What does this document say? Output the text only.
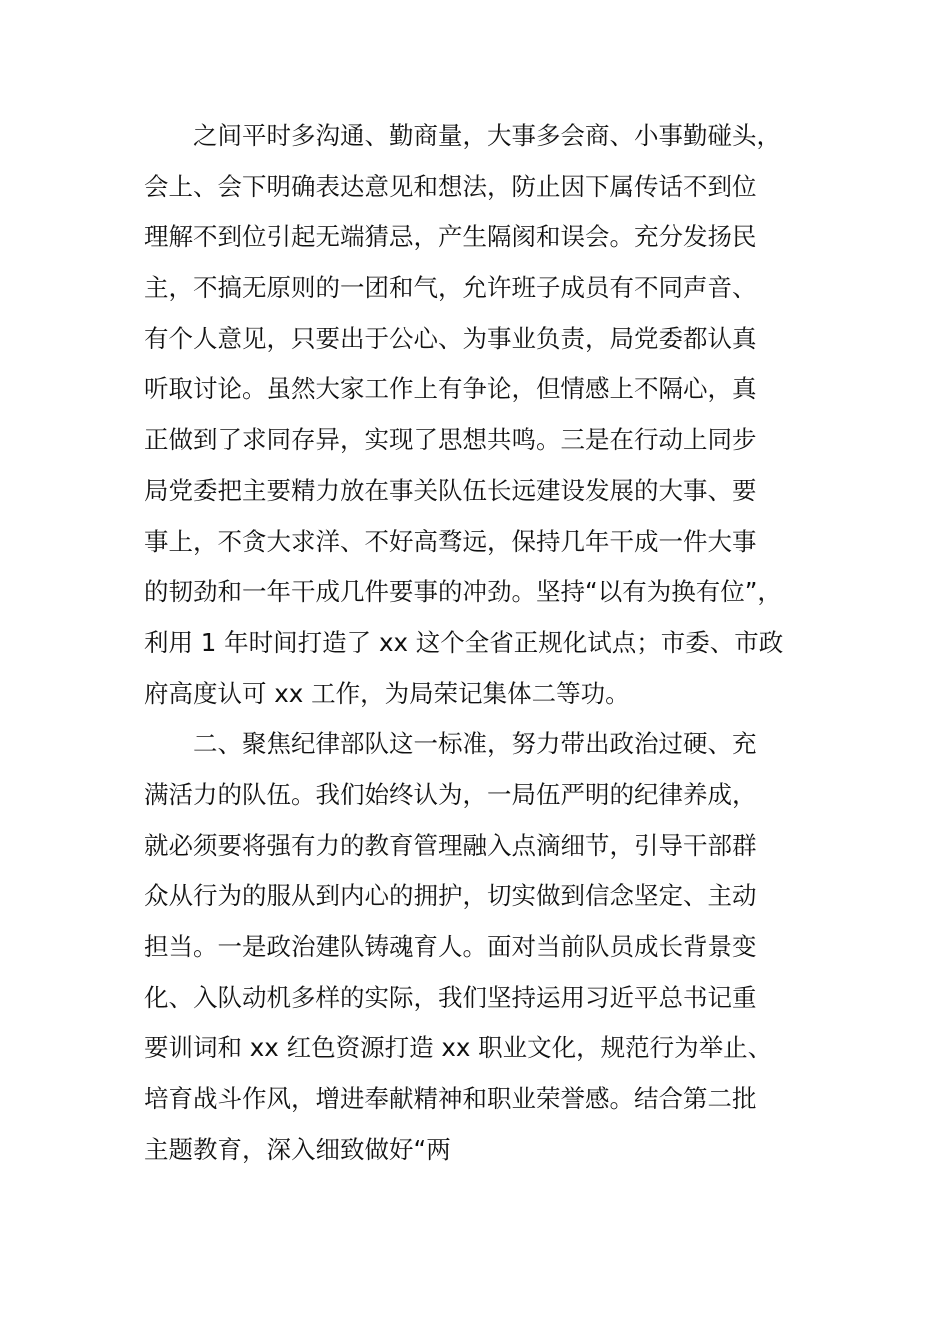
之间平时多沟通、勤商量，大事多会商、小事勤碰头，
会上、会下明确表达意见和想法，防止因下属传话不到位
理解不到位引起无端猜忌，产生隔阂和误会。充分发扬民
主，不搞无原则的一团和气，允许班子成员有不同声音、
有个人意见，只要出于公心、为事业负责，局党委都认真
听取讨论。虽然大家工作上有争论，但情感上不隔心，真
正做到了求同存异，实现了思想共鸣。三是在行动上同步
局党委把主要精力放在事关队伍长远建设发展的大事、要
事上，不贪大求洋、不好高骛远，保持几年干成一件大事
的韧劲和一年干成几件要事的冲劲。坚持“以有为换有位”，
利用 1 年时间打造了 xx 这个全省正规化试点；市委、市政
府高度认可 xx 工作，为局荣记集体二等功。
二、聚焦纪律部队这一标准，努力带出政治过硬、充
满活力的队伍。我们始终认为，一局伍严明的纪律养成，
就必须要将强有力的教育管理融入点滴细节，引导干部群
众从行为的服从到内心的拥护，切实做到信念坚定、主动
担当。一是政治建队铸魂育人。面对当前队员成长背景变
化、入队动机多样的实际，我们坚持运用习近平总书记重
要训词和 xx 红色资源打造 xx 职业文化，规范行为举止、
培育战斗作风，增进奉献精神和职业荣誉感。结合第二批
主题教育，深入细致做好“两
